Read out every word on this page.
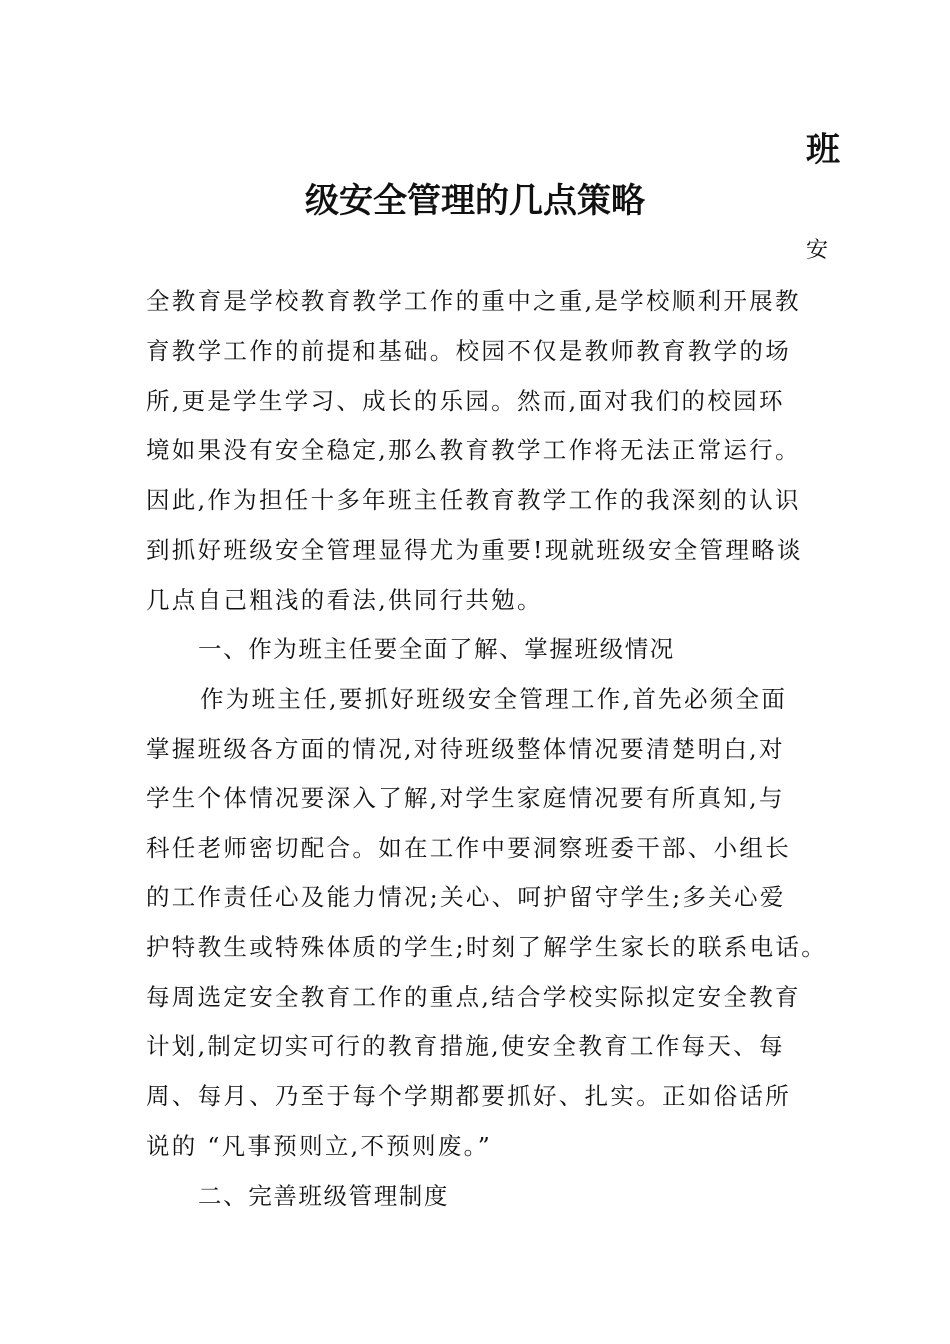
班
级安全管理的几点策略
安
全教育是学校教育教学工作的重中之重,是学校顺利开展教
育教学工作的前提和基础。校园不仅是教师教育教学的场
所,更是学生学习、成长的乐园。然而,面对我们的校园环
境如果没有安全稳定,那么教育教学工作将无法正常运行。
因此,作为担任十多年班主任教育教学工作的我深刻的认识
到抓好班级安全管理显得尤为重要!现就班级安全管理略谈
几点自己粗浅的看法,供同行共勉。
一、作为班主任要全面了解、掌握班级情况
作为班主任,要抓好班级安全管理工作,首先必须全面
掌握班级各方面的情况,对待班级整体情况要清楚明白,对
学生个体情况要深入了解,对学生家庭情况要有所真知,与
科任老师密切配合。如在工作中要洞察班委干部、小组长
的工作责任心及能力情况;关心、呵护留守学生;多关心爱
护特教生或特殊体质的学生;时刻了解学生家长的联系电话。
每周选定安全教育工作的重点,结合学校实际拟定安全教育
计划,制定切实可行的教育措施,使安全教育工作每天、每
周、每月、乃至于每个学期都要抓好、扎实。正如俗话所
说的 “凡事预则立,不预则废。”
二、完善班级管理制度
